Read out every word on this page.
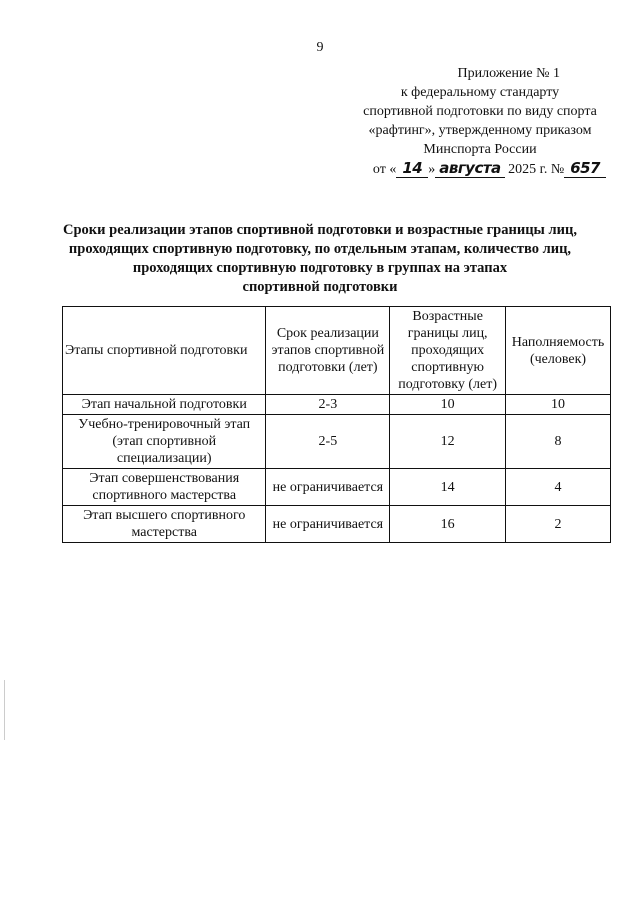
9
Приложение № 1
к федеральному стандарту
спортивной подготовки по виду спорта
«рафтинг», утвержденному приказом
Минспорта России
от « 14 » августа 2025 г. № 657
Сроки реализации этапов спортивной подготовки и возрастные границы лиц,
проходящих спортивную подготовку, по отдельным этапам, количество лиц,
проходящих спортивную подготовку в группах на этапах
спортивной подготовки
Этапы спортивной подготовки	Срок реализации этапов спортивной подготовки (лет)	Возрастные границы лиц, проходящих спортивную подготовку (лет)	Наполняемость (человек)
Этап начальной подготовки	2-3	10	10
Учебно-тренировочный этап (этап спортивной специализации)	2-5	12	8
Этап совершенствования спортивного мастерства	не ограничивается	14	4
Этап высшего спортивного мастерства	не ограничивается	16	2
